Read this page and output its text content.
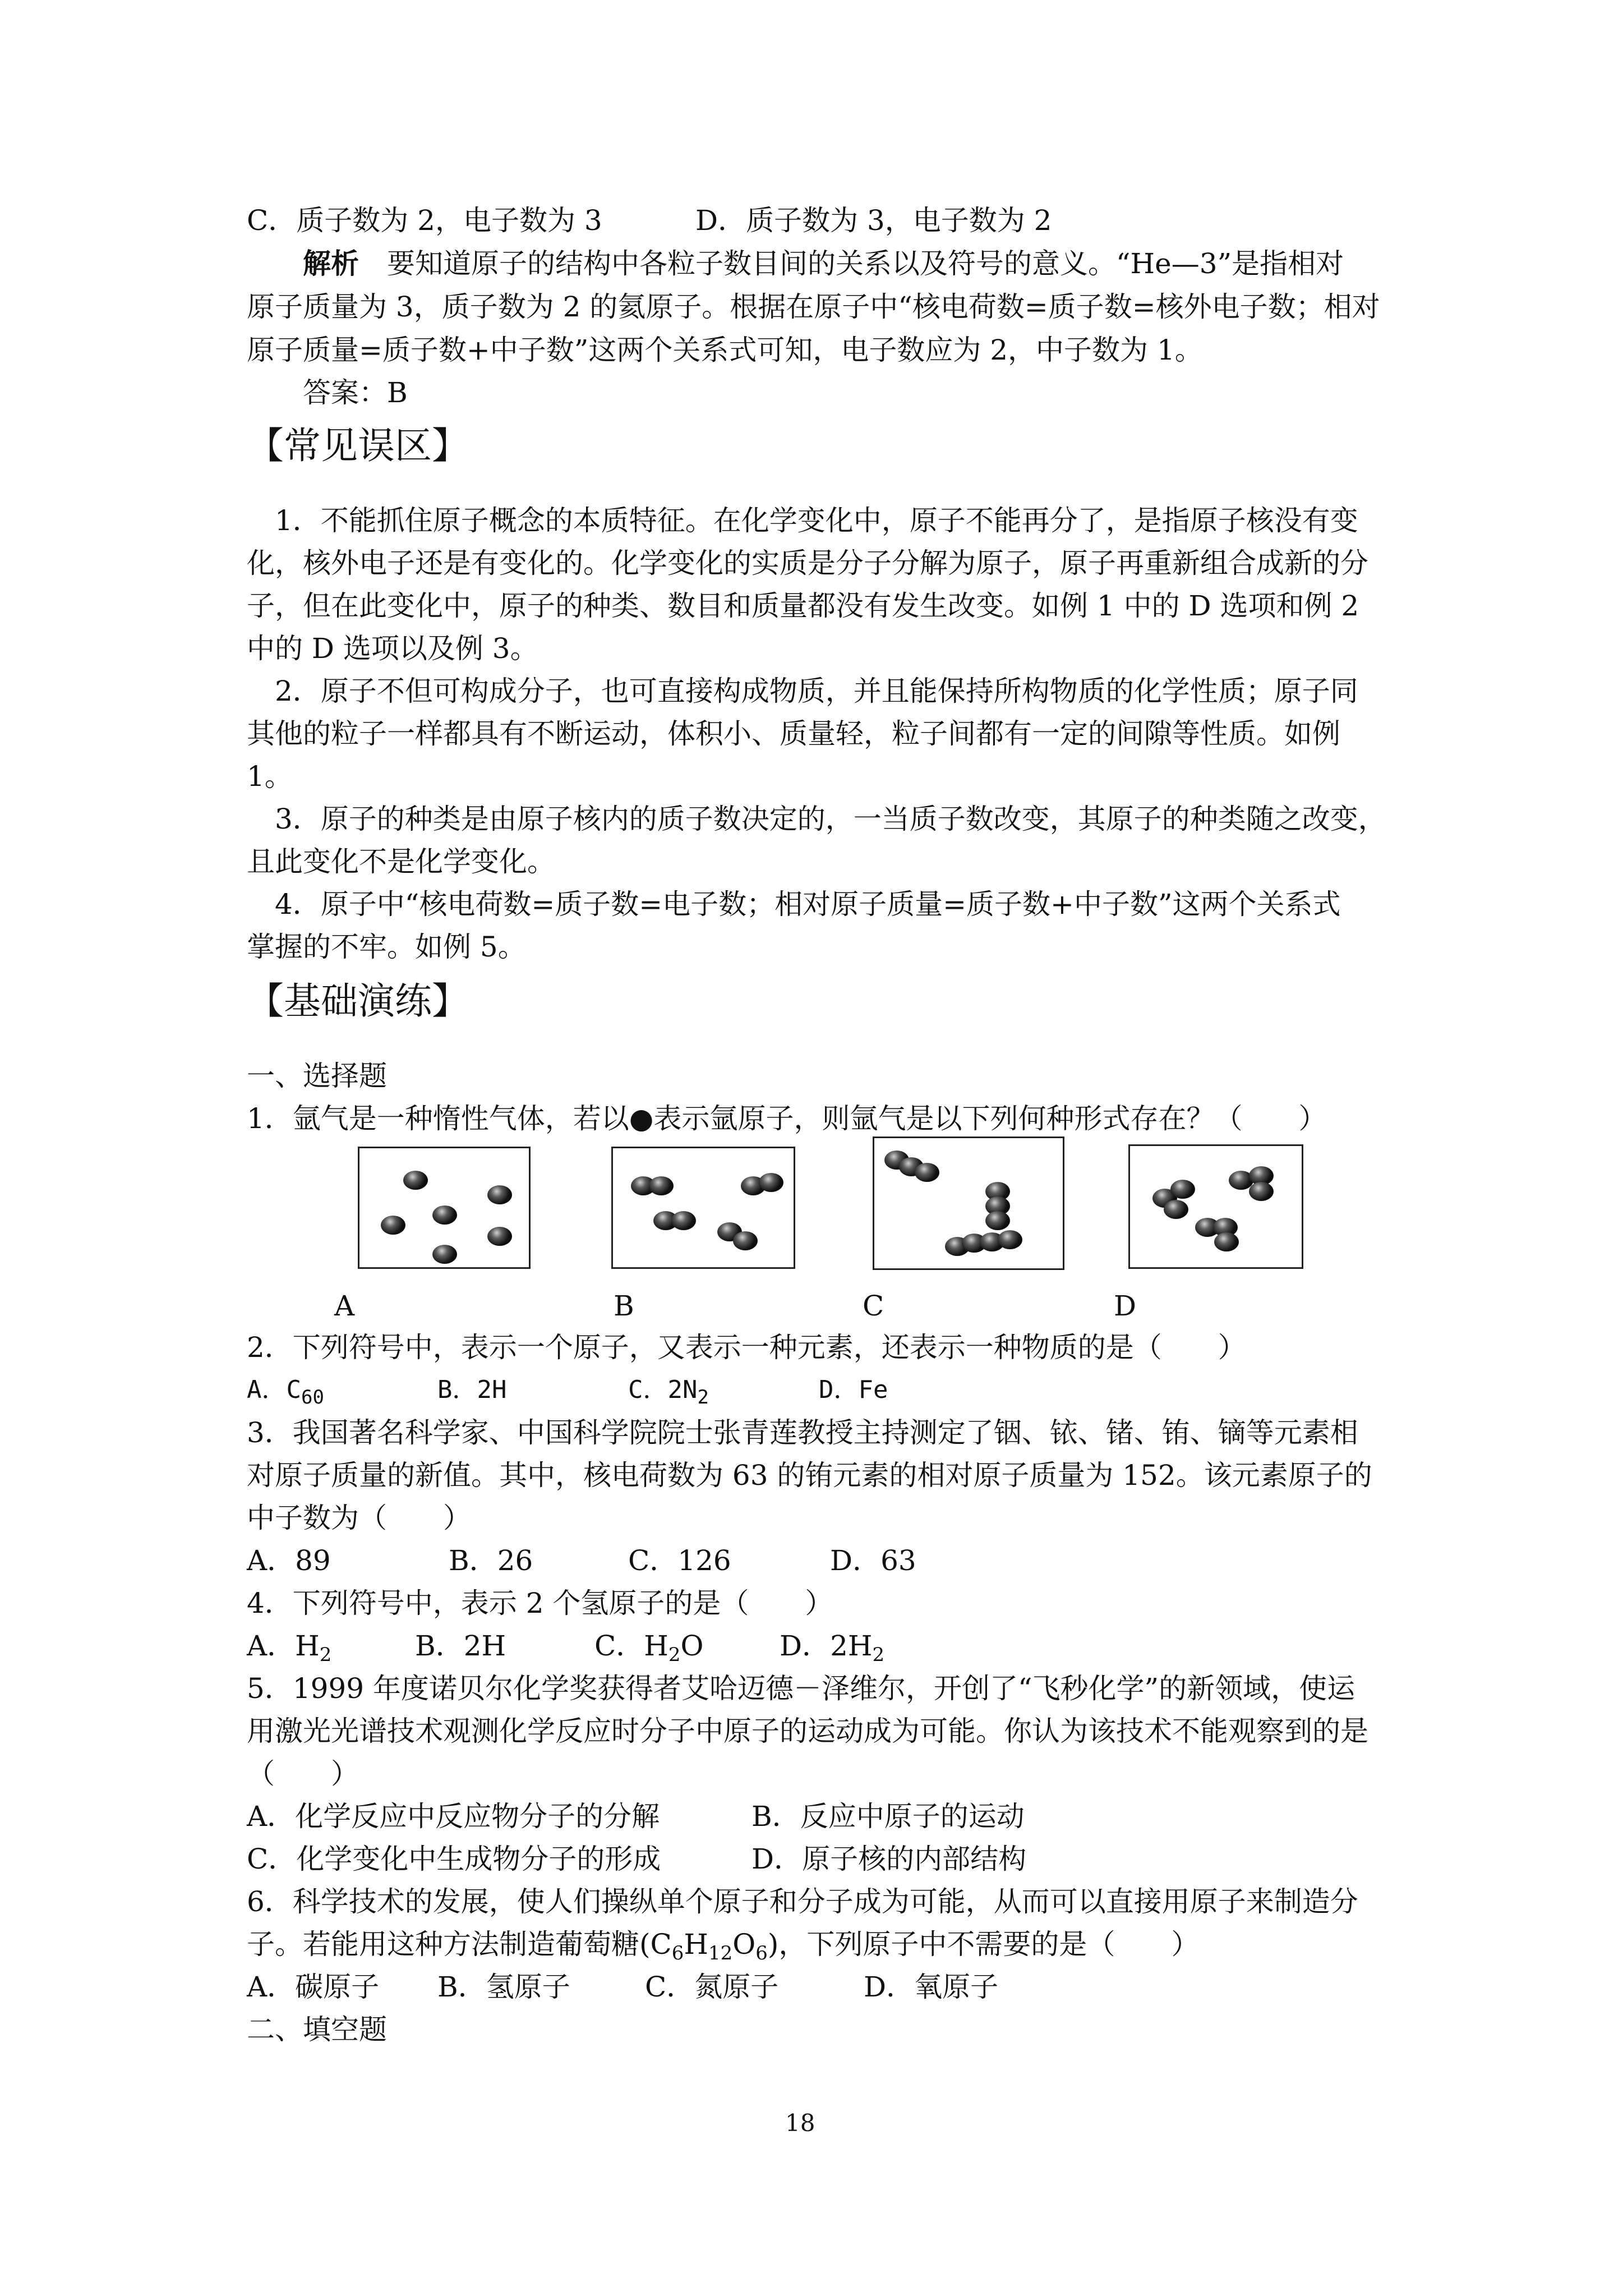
C．质子数为 2，电子数为 3	D．质子数为 3，电子数为 2
解析　 要知道原子的结构中各粒子数目间的关系以及符号的意义。“He—3”是指相对
原子质量为 3，质子数为 2 的氦原子。根据在原子中“核电荷数=质子数=核外电子数；相对
原子质量=质子数+中子数”这两个关系式可知，电子数应为 2，中子数为 1。
答案：B
【常见误区】
1．不能抓住原子概念的本质特征。在化学变化中，原子不能再分了，是指原子核没有变
化，核外电子还是有变化的。化学变化的实质是分子分解为原子，原子再重新组合成新的分
子，但在此变化中，原子的种类、数目和质量都没有发生改变。如例 1 中的 D 选项和例 2
中的 D 选项以及例 3。
2．原子不但可构成分子，也可直接构成物质，并且能保持所构物质的化学性质；原子同
其他的粒子一样都具有不断运动，体积小、质量轻，粒子间都有一定的间隙等性质。如例
1。
3．原子的种类是由原子核内的质子数决定的，一当质子数改变，其原子的种类随之改变，
且此变化不是化学变化。
4．原子中“核电荷数=质子数=电子数；相对原子质量=质子数+中子数”这两个关系式
掌握的不牢。如例 5。
【基础演练】
一、选择题
1．氩气是一种惰性气体，若以●表示氩原子，则氩气是以下列何种形式存在？（　　）
A	B	C	D
2．下列符号中，表示一个原子，又表示一种元素，还表示一种物质的是（　　）
A．$C_{60}$	B．2H	C．$2N_2$	D．Fe
3．我国著名科学家、中国科学院院士张青莲教授主持测定了铟、铱、锗、铕、镝等元素相
对原子质量的新值。其中，核电荷数为 63 的铕元素的相对原子质量为 152。该元素原子的
中子数为（　　）
A．89	B．26	C．126	D．63
4．下列符号中，表示 2 个氢原子的是（　　）
A．$H_2$	B．2H	C．$H_2O$	D．$2H_2$
5．1999 年度诺贝尔化学奖获得者艾哈迈德－泽维尔，开创了“飞秒化学”的新领域，使运
用激光光谱技术观测化学反应时分子中原子的运动成为可能。你认为该技术不能观察到的是
（　　）
A．化学反应中反应物分子的分解	B．反应中原子的运动
C．化学变化中生成物分子的形成	D．原子核的内部结构
6．科学技术的发展，使人们操纵单个原子和分子成为可能，从而可以直接用原子来制造分
子。若能用这种方法制造葡萄糖$(C_6H_{12}O_6)$，下列原子中不需要的是（　　）
A．碳原子 B．氢原子	C．氮原子	D．氧原子
二、填空题
18
